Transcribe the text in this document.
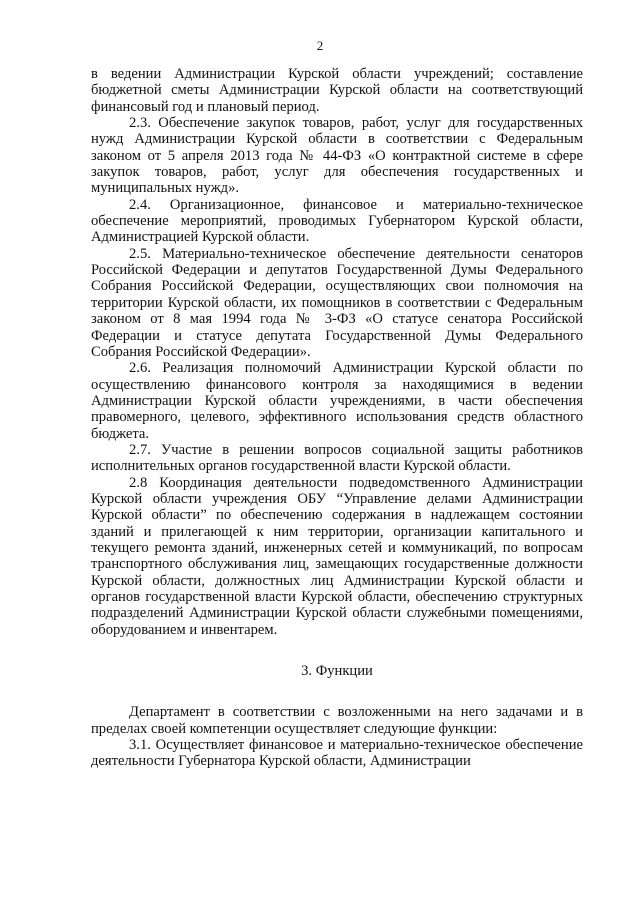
2

в ведении Администрации Курской области учреждений; составление бюджетной сметы Администрации Курской области на соответствующий финансовый год и плановый период.

2.3. Обеспечение закупок товаров, работ, услуг для государственных нужд Администрации Курской области в соответствии с Федеральным законом от 5 апреля 2013 года № 44-ФЗ «О контрактной системе в сфере закупок товаров, работ, услуг для обеспечения государственных и муниципальных нужд».

2.4. Организационное, финансовое и материально-техническое обеспечение мероприятий, проводимых Губернатором Курской области, Администрацией Курской области.

2.5. Материально-техническое обеспечение деятельности сенаторов Российской Федерации и депутатов Государственной Думы Федерального Собрания Российской Федерации, осуществляющих свои полномочия на территории Курской области, их помощников в соответствии с Федеральным законом от 8 мая 1994 года № 3-ФЗ «О статусе сенатора Российской Федерации и статусе депутата Государственной Думы Федерального Собрания Российской Федерации».

2.6. Реализация полномочий Администрации Курской области по осуществлению финансового контроля за находящимися в ведении Администрации Курской области учреждениями, в части обеспечения правомерного, целевого, эффективного использования средств областного бюджета.

2.7. Участие в решении вопросов социальной защиты работников исполнительных органов государственной власти Курской области.

2.8 Координация деятельности подведомственного Администрации Курской области учреждения ОБУ “Управление делами Администрации Курской области” по обеспечению содержания в надлежащем состоянии зданий и прилегающей к ним территории, организации капитального и текущего ремонта зданий, инженерных сетей и коммуникаций, по вопросам транспортного обслуживания лиц, замещающих государственные должности Курской области, должностных лиц Администрации Курской области и органов государственной власти Курской области, обеспечению структурных подразделений Администрации Курской области служебными помещениями, оборудованием и инвентарем.

3. Функции

Департамент в соответствии с возложенными на него задачами и в пределах своей компетенции осуществляет следующие функции:

3.1. Осуществляет финансовое и материально-техническое обеспечение деятельности Губернатора Курской области, Администрации
